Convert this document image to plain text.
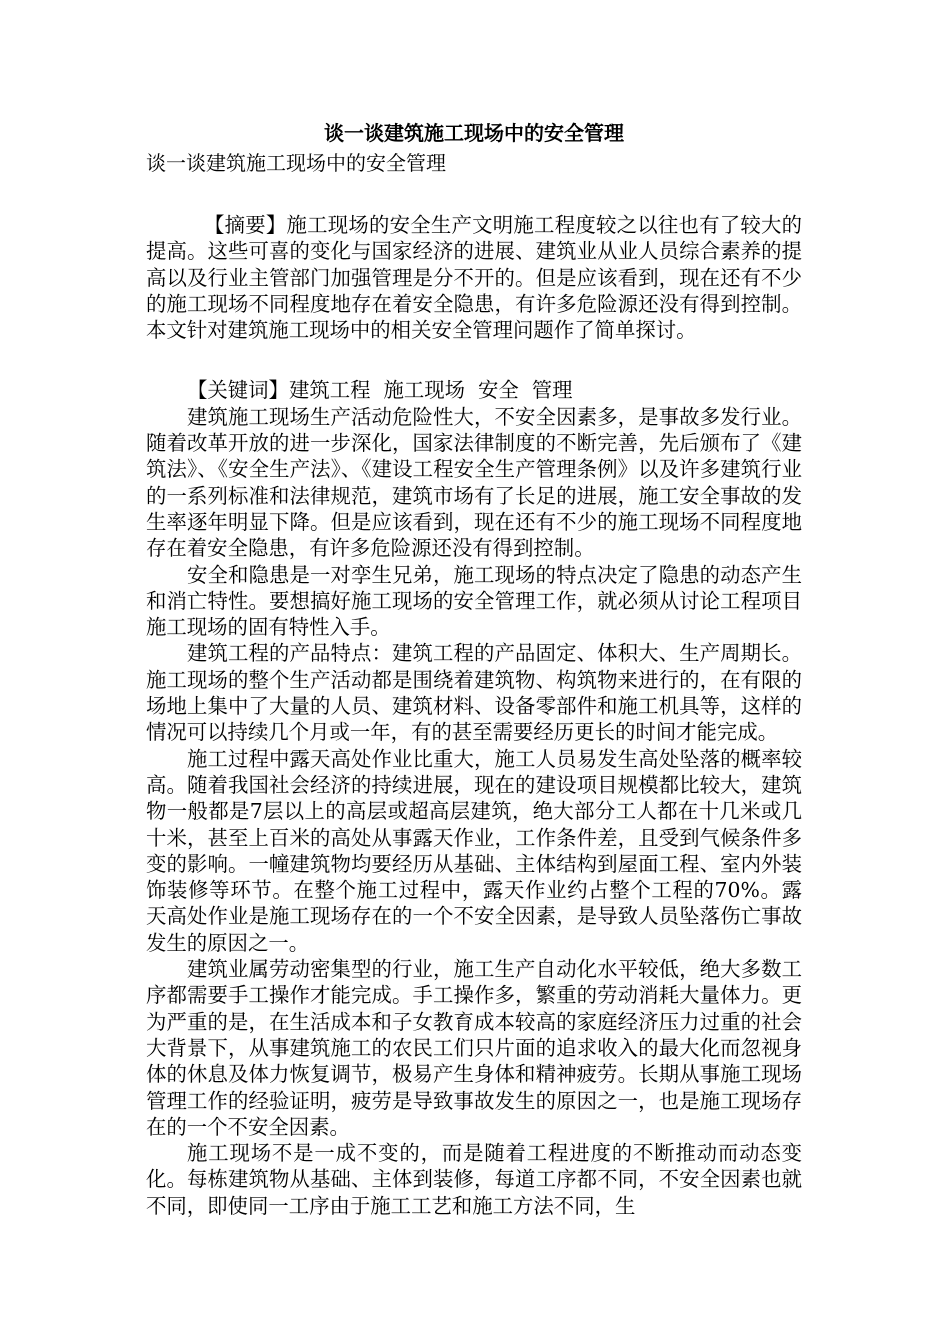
谈一谈建筑施工现场中的安全管理

谈一谈建筑施工现场中的安全管理

【摘要】施工现场的安全生产文明施工程度较之以往也有了较大的提高。这些可喜的变化与国家经济的进展、建筑业从业人员综合素养的提高以及行业主管部门加强管理是分不开的。但是应该看到，现在还有不少的施工现场不同程度地存在着安全隐患，有许多危险源还没有得到控制。本文针对建筑施工现场中的相关安全管理问题作了简单探讨。

【关键词】建筑工程  施工现场  安全  管理

建筑施工现场生产活动危险性大，不安全因素多，是事故多发行业。随着改革开放的进一步深化，国家法律制度的不断完善，先后颁布了《建筑法》、《安全生产法》、《建设工程安全生产管理条例》以及许多建筑行业的一系列标准和法律规范，建筑市场有了长足的进展，施工安全事故的发生率逐年明显下降。但是应该看到，现在还有不少的施工现场不同程度地存在着安全隐患，有许多危险源还没有得到控制。

安全和隐患是一对孪生兄弟，施工现场的特点决定了隐患的动态产生和消亡特性。要想搞好施工现场的安全管理工作，就必须从讨论工程项目施工现场的固有特性入手。

建筑工程的产品特点：建筑工程的产品固定、体积大、生产周期长。施工现场的整个生产活动都是围绕着建筑物、构筑物来进行的，在有限的场地上集中了大量的人员、建筑材料、设备零部件和施工机具等，这样的情况可以持续几个月或一年，有的甚至需要经历更长的时间才能完成。

施工过程中露天高处作业比重大，施工人员易发生高处坠落的概率较高。随着我国社会经济的持续进展，现在的建设项目规模都比较大，建筑物一般都是7层以上的高层或超高层建筑，绝大部分工人都在十几米或几十米，甚至上百米的高处从事露天作业，工作条件差，且受到气候条件多变的影响。一幢建筑物均要经历从基础、主体结构到屋面工程、室内外装饰装修等环节。在整个施工过程中，露天作业约占整个工程的70%。露天高处作业是施工现场存在的一个不安全因素，是导致人员坠落伤亡事故发生的原因之一。

建筑业属劳动密集型的行业，施工生产自动化水平较低，绝大多数工序都需要手工操作才能完成。手工操作多，繁重的劳动消耗大量体力。更为严重的是，在生活成本和子女教育成本较高的家庭经济压力过重的社会大背景下，从事建筑施工的农民工们只片面的追求收入的最大化而忽视身体的休息及体力恢复调节，极易产生身体和精神疲劳。长期从事施工现场管理工作的经验证明，疲劳是导致事故发生的原因之一，也是施工现场存在的一个不安全因素。

施工现场不是一成不变的，而是随着工程进度的不断推动而动态变化。每栋建筑物从基础、主体到装修，每道工序都不同，不安全因素也就不同，即使同一工序由于施工工艺和施工方法不同，生
